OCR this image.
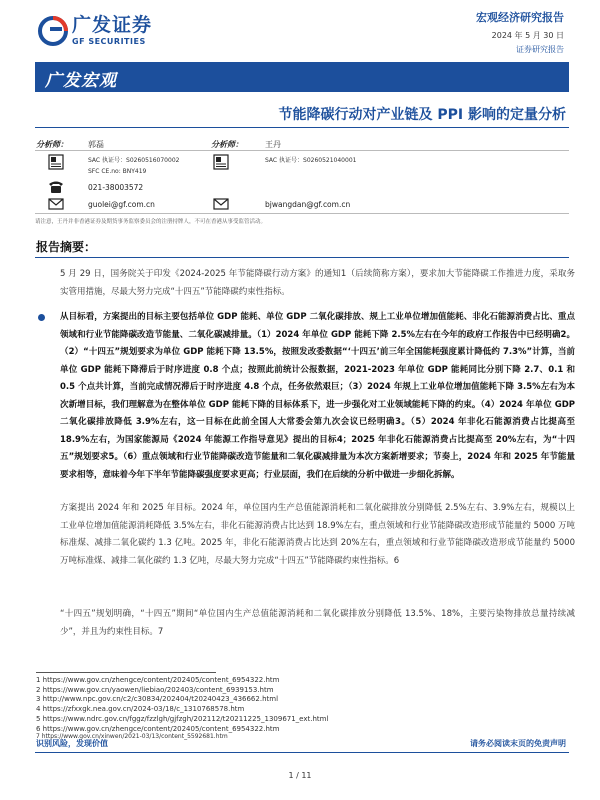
广发证券
GF SECURITIES
宏观经济研究报告
2024 年 5 月 30 日
证券研究报告
广发宏观
节能降碳行动对产业链及 PPI 影响的定量分析
分析师：	郭磊	分析师：	王丹
SAC 执证号：S0260516070002	SAC 执证号：S0260521040001
SFC CE.no: BNY419
021-38003572
guolei@gf.com.cn	bjwangdan@gf.com.cn
请注意，王丹并非香港证券及期货事务监察委员会的注册持牌人，不可在香港从事受监管活动。
报告摘要：
5 月 29 日，国务院关于印发《2024-2025 年节能降碳行动方案》的通知1（后续简称方案），要求加大节能降碳工作推进力度，采取务实管用措施，尽最大努力完成“十四五”节能降碳约束性指标。
从目标看，方案提出的目标主要包括单位 GDP 能耗、单位 GDP 二氧化碳排放、规上工业单位增加值能耗、非化石能源消费占比、重点领域和行业节能降碳改造节能量、二氧化碳减排量。（1）2024 年单位 GDP 能耗下降 2.5%左右在今年的政府工作报告中已经明确2。（2）“十四五”规划要求为单位 GDP 能耗下降 13.5%，按照发改委数据“‘十四五’前三年全国能耗强度累计降低约 7.3%”计算，当前单位 GDP 能耗下降滞后于时序进度 0.8 个点；按照此前统计公报数据，2021-2023 年单位 GDP 能耗同比分别下降 2.7、0.1 和 0.5 个点共计算，当前完成情况滞后于时序进度 4.8 个点，任务依然艰巨；（3）2024 年规上工业单位增加值能耗下降 3.5%左右为本次新增目标，我们理解意为在整体单位 GDP 能耗下降的目标体系下，进一步强化对工业领域能耗下降的约束。（4）2024 年单位 GDP 二氧化碳排放降低 3.9%左右，这一目标在此前全国人大常委会第九次会议已经明确3。（5）2024 年非化石能源消费占比提高至 18.9%左右，为国家能源局《2024 年能源工作指导意见》提出的目标4；2025 年非化石能源消费占比提高至 20%左右，为“十四五”规划要求5。（6）重点领域和行业节能降碳改造节能量和二氧化碳减排量为本次方案新增要求；节奏上，2024 年和 2025 年节能量要求相等，意味着今年下半年节能降碳强度要求更高；行业层面，我们在后续的分析中做进一步细化拆解。
方案提出 2024 年和 2025 年目标。2024 年，单位国内生产总值能源消耗和二氧化碳排放分别降低 2.5%左右、3.9%左右，规模以上工业单位增加值能源消耗降低 3.5%左右，非化石能源消费占比达到 18.9%左右，重点领域和行业节能降碳改造形成节能量约 5000 万吨标准煤、减排二氧化碳约 1.3 亿吨。2025 年，非化石能源消费占比达到 20%左右，重点领域和行业节能降碳改造形成节能量约 5000 万吨标准煤、减排二氧化碳约 1.3 亿吨，尽最大努力完成“十四五”节能降碳约束性指标。6
“十四五”规划明确，“十四五”期间“单位国内生产总值能源消耗和二氧化碳排放分别降低 13.5%、18%，主要污染物排放总量持续减少”，并且为约束性目标。7
1 https://www.gov.cn/zhengce/content/202405/content_6954322.htm
2 https://www.gov.cn/yaowen/liebiao/202403/content_6939153.htm
3 http://www.npc.gov.cn/c2/c30834/202404/t20240423_436662.html
4 https://zfxxgk.nea.gov.cn/2024-03/18/c_1310768578.htm
5 https://www.ndrc.gov.cn/fggz/fzzlgh/gjfzgh/202112/t20211225_1309671_ext.html
6 https://www.gov.cn/zhengce/content/202405/content_6954322.htm
7 https://www.gov.cn/xinwen/2021-03/13/content_5592681.htm
识别风险，发现价值	请务必阅读末页的免责声明
1 / 11
